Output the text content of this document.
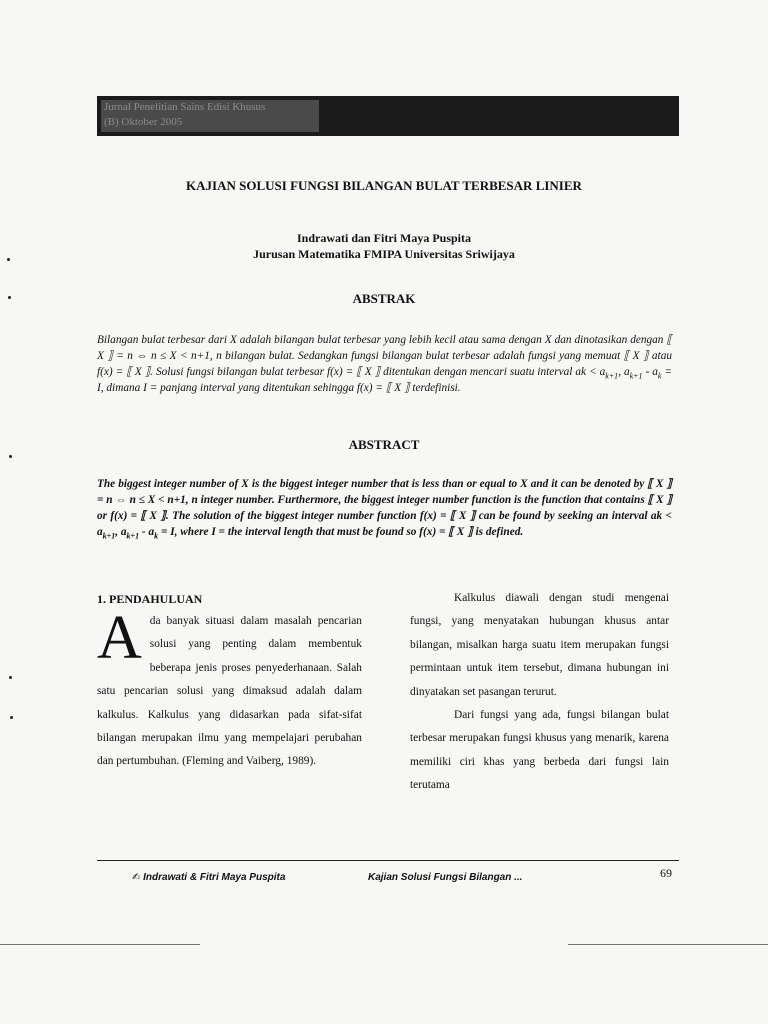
Jurnal Penelitian Sains Edisi Khusus
(B) Oktober 2005
KAJIAN SOLUSI FUNGSI BILANGAN BULAT TERBESAR LINIER
Indrawati dan Fitri Maya Puspita
Jurusan Matematika FMIPA Universitas Sriwijaya
ABSTRAK
Bilangan bulat terbesar dari X adalah bilangan bulat terbesar yang lebih kecil atau sama dengan X dan dinotasikan dengan ⟦ X ⟧ = n ⇔ n ≤ X < n+1, n bilangan bulat. Sedangkan fungsi bilangan bulat terbesar adalah fungsi yang memuat ⟦ X ⟧ atau f(x) = ⟦ X ⟧. Solusi fungsi bilangan bulat terbesar f(x) = ⟦ X ⟧ ditentukan dengan mencari suatu interval ak < $a_{k+1}$, $a_{k+1} - a_k = I$, dimana I = panjang interval yang ditentukan sehingga f(x) = ⟦ X ⟧ terdefinisi.
ABSTRACT
The biggest integer number of X is the biggest integer number that is less than or equal to X and it can be denoted by ⟦ X ⟧ = n ⇔ n ≤ X < n+1, n integer number. Furthermore, the biggest integer number function is the function that contains ⟦ X ⟧ or f(x) = ⟦ X ⟧. The solution of the biggest integer number function f(x) = ⟦ X ⟧ can be found by seeking an interval ak < $a_{k+1}$, $a_{k+1} - a_k = I$, where I = the interval length that must be found so f(x) = ⟦ X ⟧ is defined.
1. PENDAHULUAN
Ada banyak situasi dalam masalah pencarian solusi yang penting dalam membentuk beberapa jenis proses penyederhanaan. Salah satu pencarian solusi yang dimaksud adalah dalam kalkulus. Kalkulus yang didasarkan pada sifat-sifat bilangan merupakan ilmu yang mempelajari perubahan dan pertumbuhan. (Fleming and Vaiberg, 1989).
Kalkulus diawali dengan studi mengenai fungsi, yang menyatakan hubungan khusus antar bilangan, misalkan harga suatu item merupakan fungsi permintaan untuk item tersebut, dimana hubungan ini dinyatakan set pasangan terurut.
Dari fungsi yang ada, fungsi bilangan bulat terbesar merupakan fungsi khusus yang menarik, karena memiliki ciri khas yang berbeda dari fungsi lain terutama
✍ Indrawati & Fitri Maya Puspita	Kajian Solusi Fungsi Bilangan ...	69
